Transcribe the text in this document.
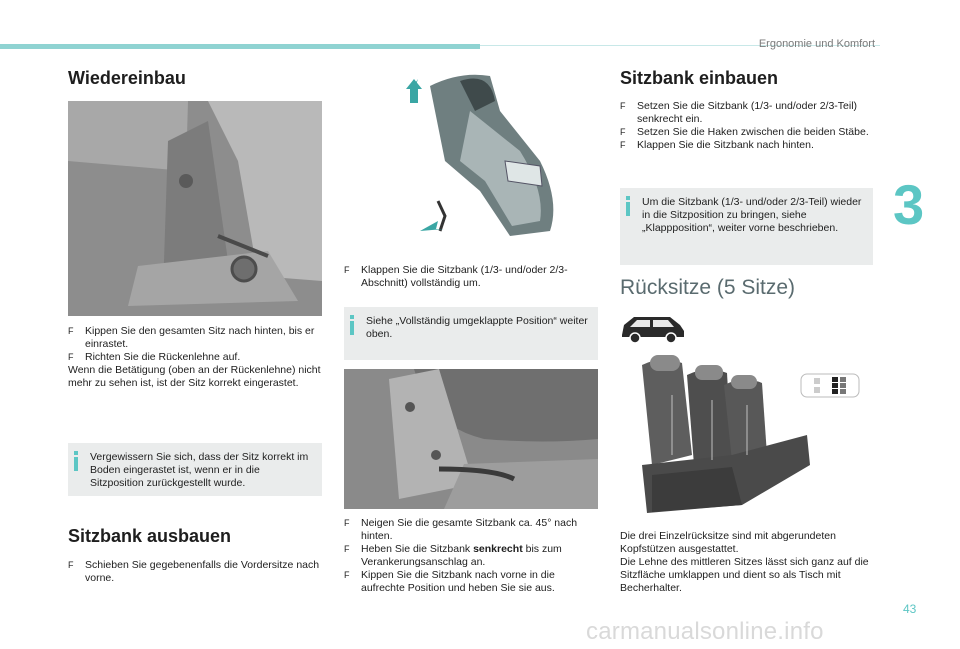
Ergonomie und Komfort
3
43
carmanualsonline.info
Wiedereinbau
F Kippen Sie den gesamten Sitz nach hinten, bis er einrastet.
F Richten Sie die Rückenlehne auf.

Wenn die Betätigung (oben an der Rückenlehne) nicht mehr zu sehen ist, ist der Sitz korrekt eingerastet.

Vergewissern Sie sich, dass der Sitz korrekt im Boden eingerastet ist, wenn er in die Sitzposition zurückgestellt wurde.
Sitzbank ausbauen
F Schieben Sie gegebenenfalls die Vordersitze nach vorne.
F Klappen Sie die Sitzbank (1/3- und/oder 2/3-Abschnitt) vollständig um.
Siehe „Vollständig umgeklappte Position“ weiter oben.
F Neigen Sie die gesamte Sitzbank ca. 45° nach hinten.
F Heben Sie die Sitzbank senkrecht bis zum Verankerungsanschlag an.
F Kippen Sie die Sitzbank nach vorne in die aufrechte Position und heben Sie sie aus.
Sitzbank einbauen
F Setzen Sie die Sitzbank (1/3- und/oder 2/3-Teil) senkrecht ein.
F Setzen Sie die Haken zwischen die beiden Stäbe.
F Klappen Sie die Sitzbank nach hinten.
Um die Sitzbank (1/3- und/oder 2/3-Teil) wieder in die Sitzposition zu bringen, siehe „Klappposition“, weiter vorne beschrieben.
Rücksitze (5 Sitze)

Die drei Einzelrücksitze sind mit abgerundeten Kopfstützen ausgestattet.
Die Lehne des mittleren Sitzes lässt sich ganz auf die Sitzfläche umklappen und dient so als Tisch mit Becherhalter.
